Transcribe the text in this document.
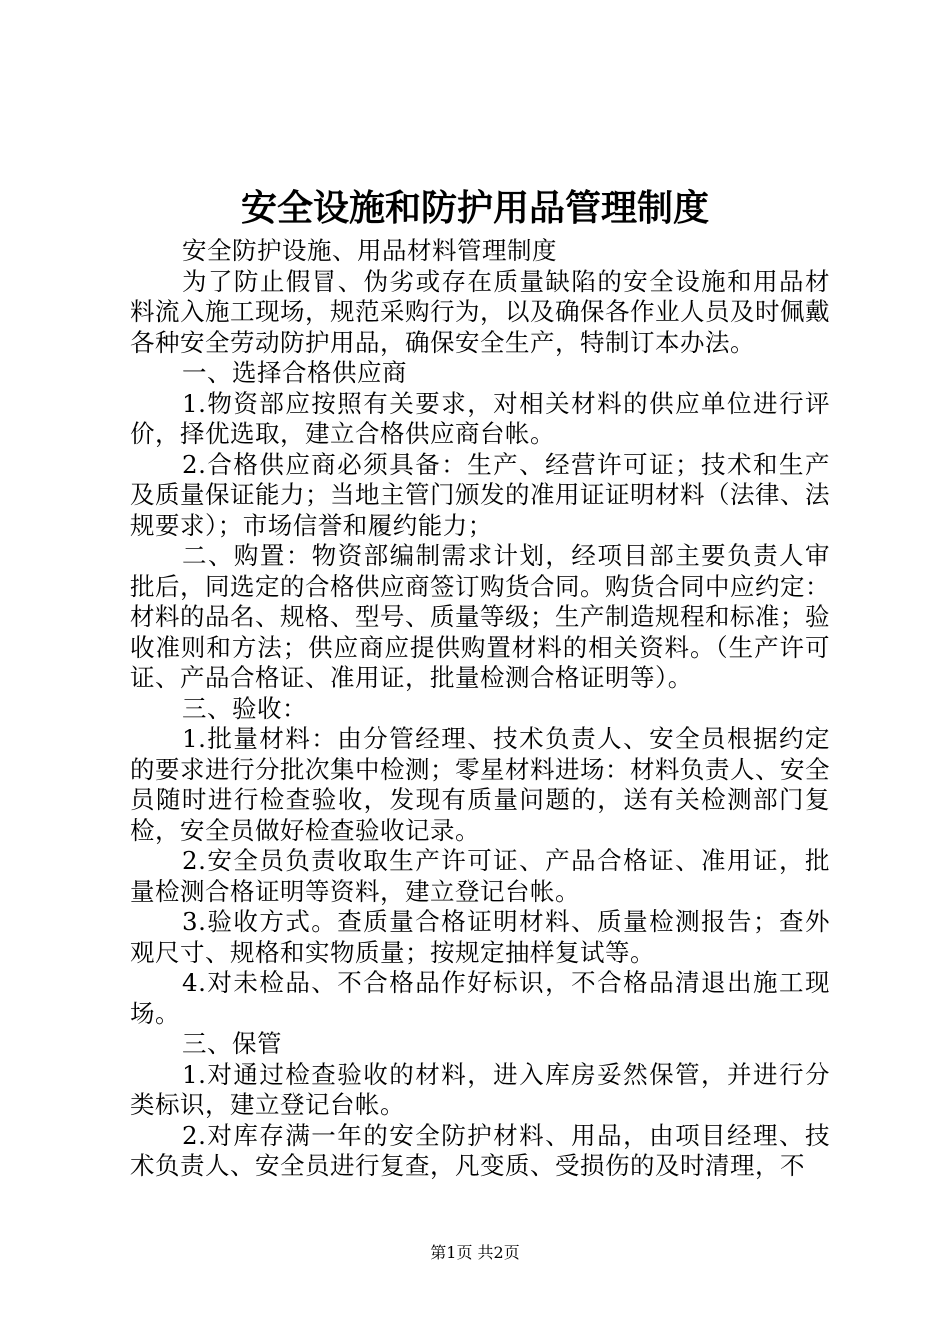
安全设施和防护用品管理制度

安全防护设施、用品材料管理制度

为了防止假冒、伪劣或存在质量缺陷的安全设施和用品材料流入施工现场，规范采购行为，以及确保各作业人员及时佩戴各种安全劳动防护用品，确保安全生产，特制订本办法。

一、选择合格供应商

1.物资部应按照有关要求，对相关材料的供应单位进行评价，择优选取，建立合格供应商台帐。

2.合格供应商必须具备：生产、经营许可证；技术和生产及质量保证能力；当地主管门颁发的准用证证明材料（法律、法规要求）；市场信誉和履约能力；

二、购置：物资部编制需求计划，经项目部主要负责人审批后，同选定的合格供应商签订购货合同。购货合同中应约定：材料的品名、规格、型号、质量等级；生产制造规程和标准；验收准则和方法；供应商应提供购置材料的相关资料。（生产许可证、产品合格证、准用证，批量检测合格证明等）。

三、验收：

1.批量材料：由分管经理、技术负责人、安全员根据约定的要求进行分批次集中检测；零星材料进场：材料负责人、安全员随时进行检查验收，发现有质量问题的，送有关检测部门复检，安全员做好检查验收记录。

2.安全员负责收取生产许可证、产品合格证、准用证，批量检测合格证明等资料，建立登记台帐。

3.验收方式。查质量合格证明材料、质量检测报告；查外观尺寸、规格和实物质量；按规定抽样复试等。

4.对未检品、不合格品作好标识，不合格品清退出施工现场。

三、保管

1.对通过检查验收的材料，进入库房妥然保管，并进行分类标识，建立登记台帐。

2.对库存满一年的安全防护材料、用品，由项目经理、技术负责人、安全员进行复查，凡变质、受损伤的及时清理，不

第1页 共2页
